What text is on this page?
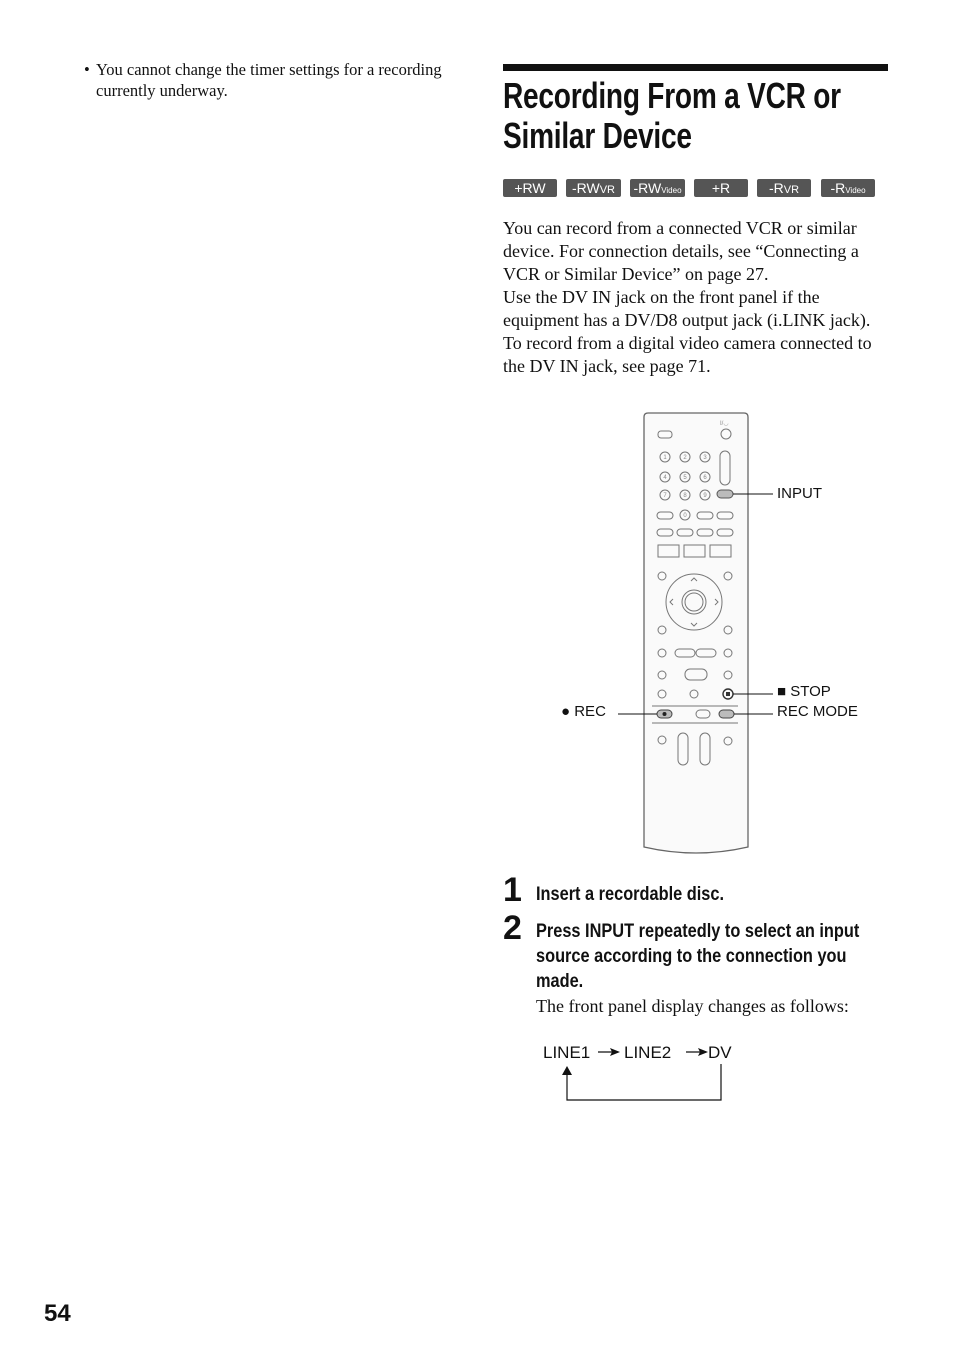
• You cannot change the timer settings for a recording currently underway.	Recording From a VCR or
Similar Device
+RW	-RWVR	-RWVideo	+R	-RVR	-RVideo

You can record from a connected VCR or similar device. For connection details, see “Connecting a VCR or Similar Device” on page 27.

Use the DV IN jack on the front panel if the equipment has a DV/D8 output jack (i.LINK jack). To record from a digital video camera connected to the DV IN jack, see page 71.

I/◡
1	2	3
4	5	6
7	8	9
0
INPUT
■ STOP
REC MODE
● REC
1 Insert a recordable disc.
2 Press INPUT repeatedly to select an input
source according to the connection you
made.
The front panel display changes as follows:
LINE1 LINE2 DV
54
